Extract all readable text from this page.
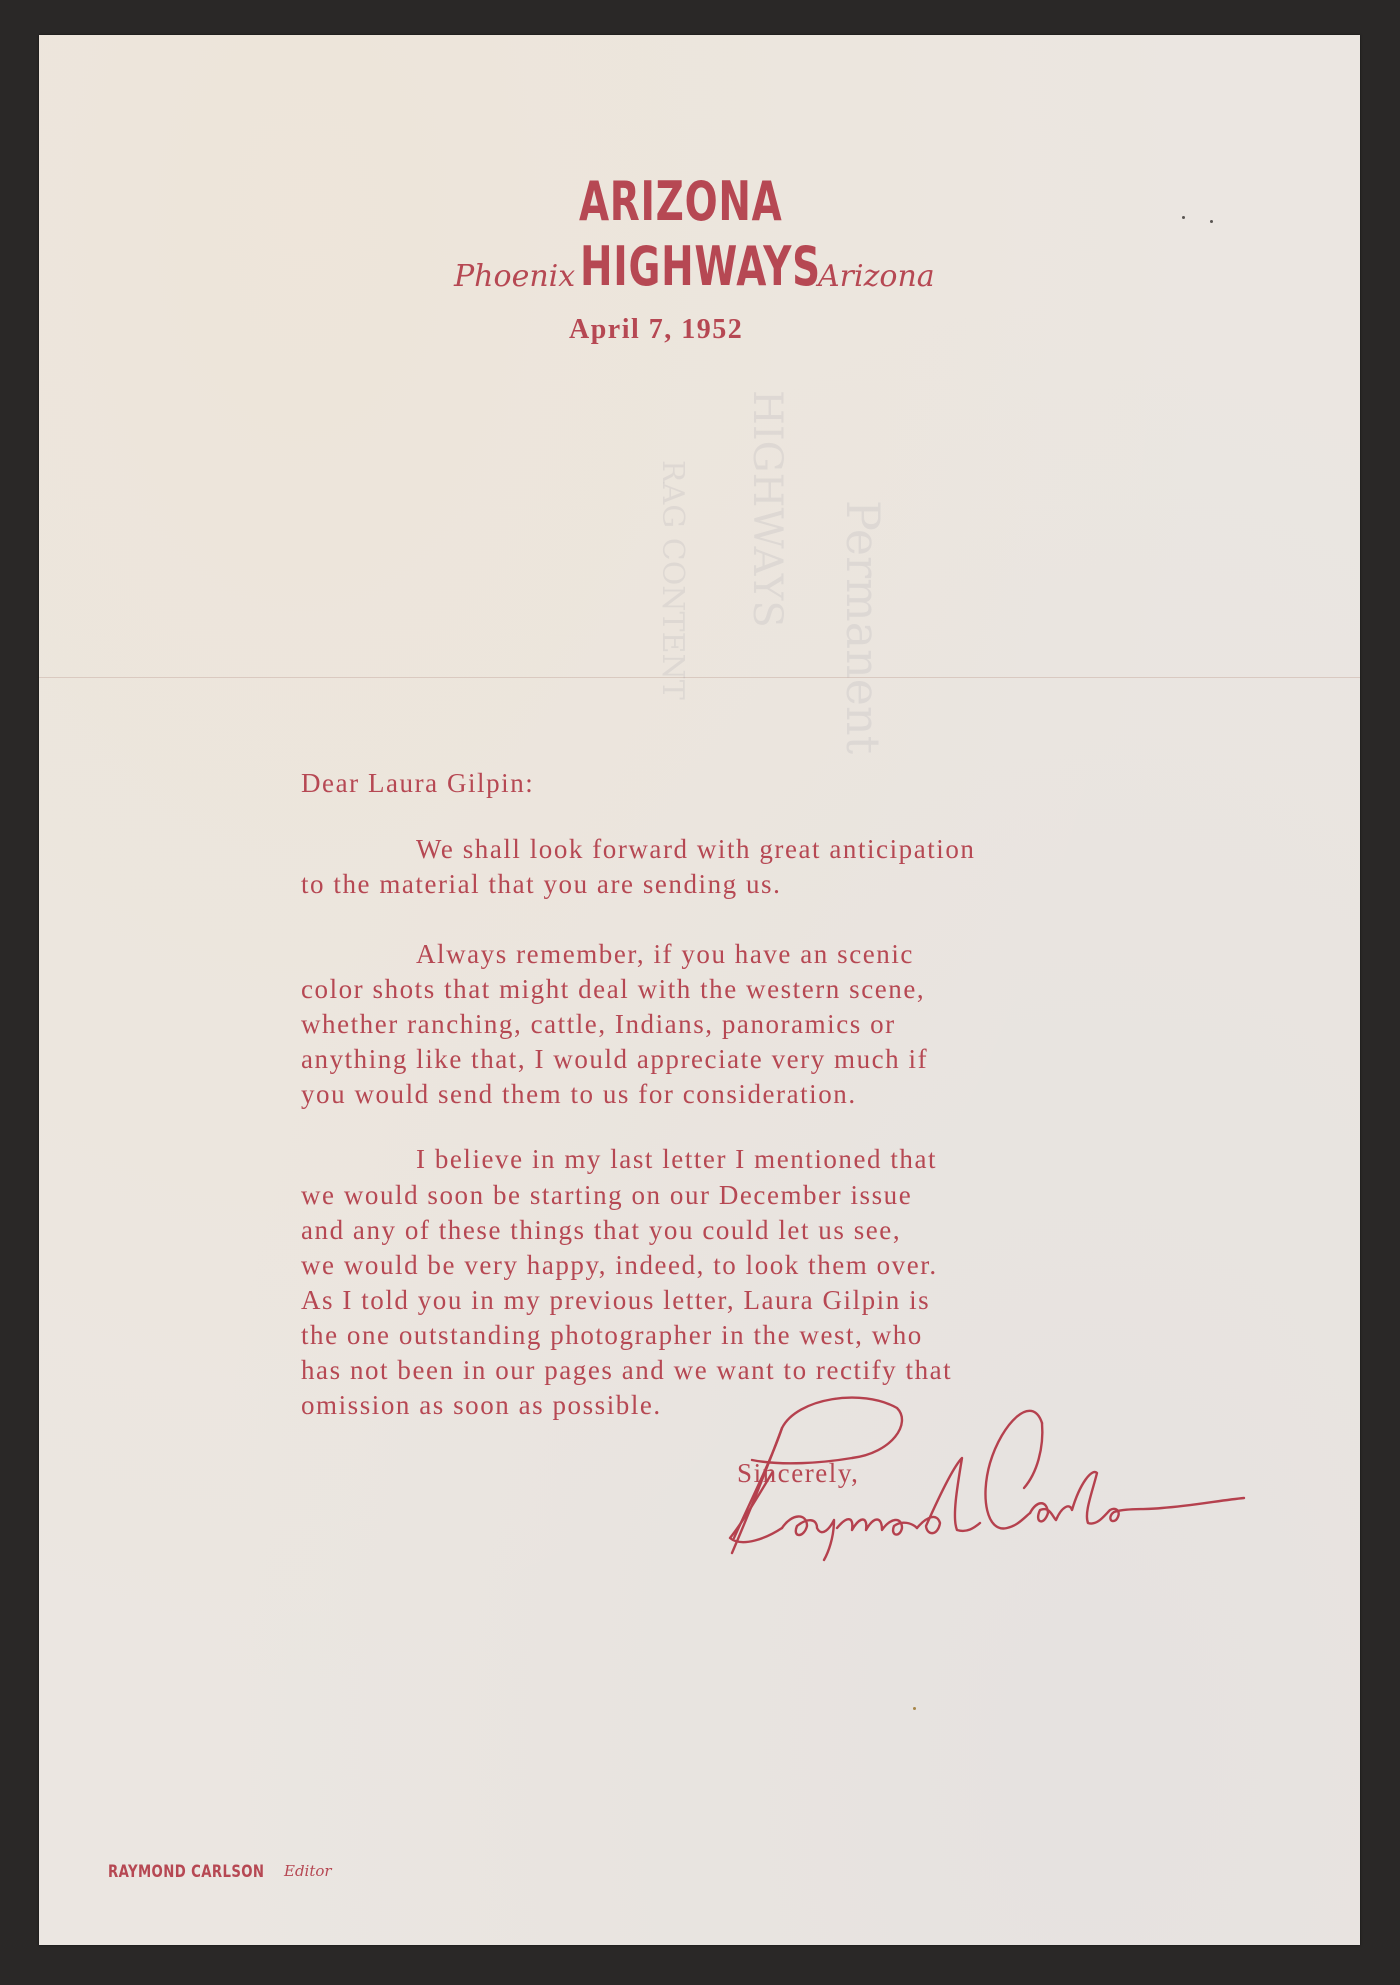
Permanent
HIGHWAYS
RAG CONTENT
ARIZONA
HIGHWAYS
Phoenix	Arizona
April 7, 1952
Dear Laura Gilpin:
We shall look forward with great anticipation
to the material that you are sending us.
Always remember, if you have an scenic
color shots that might deal with the western scene,
whether ranching, cattle, Indians, panoramics or
anything like that, I would appreciate very much if
you would send them to us for consideration.
I believe in my last letter I mentioned that
we would soon be starting on our December issue
and any of these things that you could let us see,
we would be very happy, indeed, to look them over.
As I told you in my previous letter, Laura Gilpin is
the one outstanding photographer in the west, who
has not been in our pages and we want to rectify that
omission as soon as possible.
Sincerely,
RAYMOND CARLSON Editor
